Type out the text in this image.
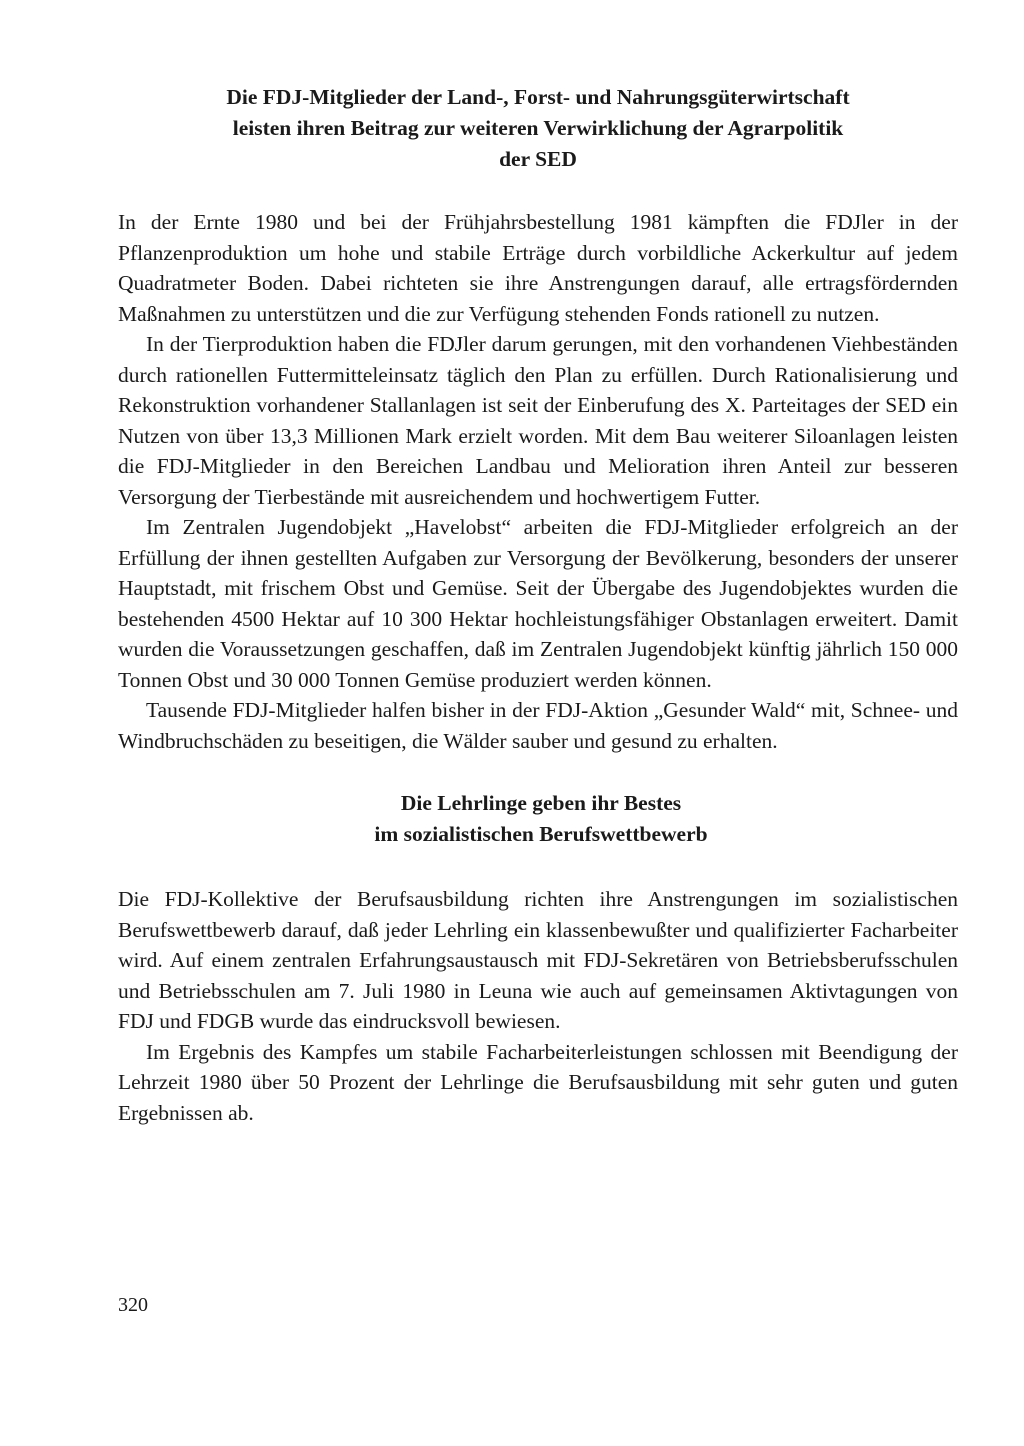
Die FDJ-Mitglieder der Land-, Forst- und Nahrungsgüterwirtschaft
leisten ihren Beitrag zur weiteren Verwirklichung der Agrarpolitik
der SED

In der Ernte 1980 und bei der Frühjahrsbestellung 1981 kämpften die FDJler in der Pflanzenproduktion um hohe und stabile Erträge durch vorbildliche Ackerkultur auf jedem Quadratmeter Boden. Dabei richteten sie ihre Anstrengungen darauf, alle ertragsfördernden Maßnahmen zu unterstützen und die zur Verfügung stehenden Fonds rationell zu nutzen.

In der Tierproduktion haben die FDJler darum gerungen, mit den vorhandenen Viehbeständen durch rationellen Futtermitteleinsatz täglich den Plan zu erfüllen. Durch Rationalisierung und Rekonstruktion vorhandener Stallanlagen ist seit der Einberufung des X. Parteitages der SED ein Nutzen von über 13,3 Millionen Mark erzielt worden. Mit dem Bau weiterer Siloanlagen leisten die FDJ-Mitglieder in den Bereichen Landbau und Melioration ihren Anteil zur besseren Versorgung der Tierbestände mit ausreichendem und hochwertigem Futter.

Im Zentralen Jugendobjekt „Havelobst“ arbeiten die FDJ-Mitglieder erfolgreich an der Erfüllung der ihnen gestellten Aufgaben zur Versorgung der Bevölkerung, besonders der unserer Hauptstadt, mit frischem Obst und Gemüse. Seit der Übergabe des Jugendobjektes wurden die bestehenden 4500 Hektar auf 10 300 Hektar hochleistungsfähiger Obstanlagen erweitert. Damit wurden die Voraussetzungen geschaffen, daß im Zentralen Jugendobjekt künftig jährlich 150 000 Tonnen Obst und 30 000 Tonnen Gemüse produziert werden können.

Tausende FDJ-Mitglieder halfen bisher in der FDJ-Aktion „Gesunder Wald“ mit, Schnee- und Windbruchschäden zu beseitigen, die Wälder sauber und gesund zu erhalten.

Die Lehrlinge geben ihr Bestes
im sozialistischen Berufswettbewerb

Die FDJ-Kollektive der Berufsausbildung richten ihre Anstrengungen im sozialistischen Berufswettbewerb darauf, daß jeder Lehrling ein klassenbewußter und qualifizierter Facharbeiter wird. Auf einem zentralen Erfahrungsaustausch mit FDJ-Sekretären von Betriebsberufsschulen und Betriebsschulen am 7. Juli 1980 in Leuna wie auch auf gemeinsamen Aktivtagungen von FDJ und FDGB wurde das eindrucksvoll bewiesen.

Im Ergebnis des Kampfes um stabile Facharbeiterleistungen schlossen mit Beendigung der Lehrzeit 1980 über 50 Prozent der Lehrlinge die Berufsausbildung mit sehr guten und guten Ergebnissen ab.

320
